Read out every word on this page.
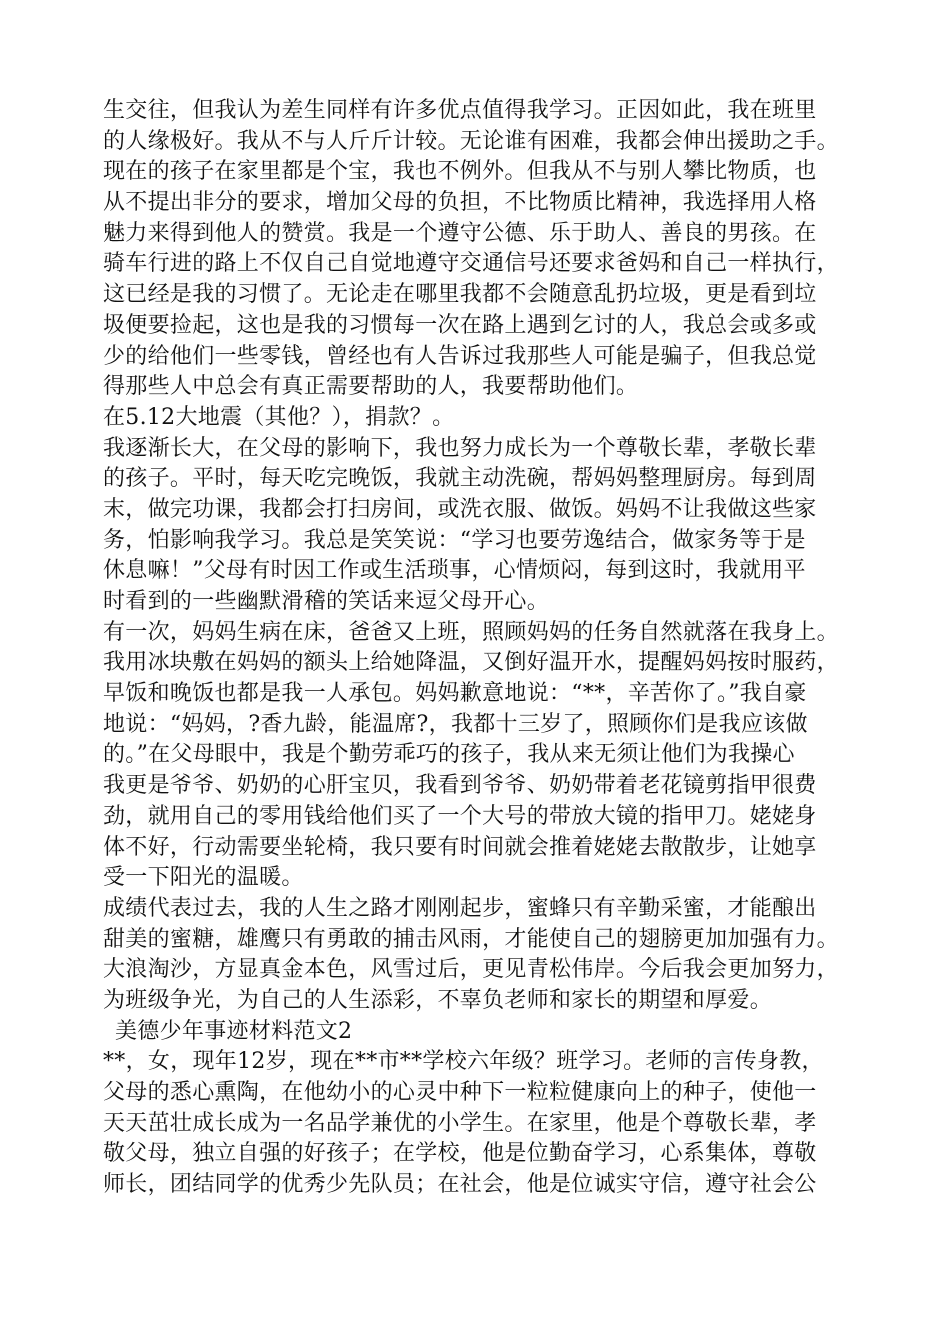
生交往，但我认为差生同样有许多优点值得我学习。正因如此，我在班里
的人缘极好。我从不与人斤斤计较。无论谁有困难，我都会伸出援助之手。
现在的孩子在家里都是个宝，我也不例外。但我从不与别人攀比物质，也
从不提出非分的要求，增加父母的负担，不比物质比精神，我选择用人格
魅力来得到他人的赞赏。我是一个遵守公德、乐于助人、善良的男孩。在
骑车行进的路上不仅自己自觉地遵守交通信号还要求爸妈和自己一样执行，
这已经是我的习惯了。无论走在哪里我都不会随意乱扔垃圾，更是看到垃
圾便要捡起，这也是我的习惯每一次在路上遇到乞讨的人，我总会或多或
少的给他们一些零钱，曾经也有人告诉过我那些人可能是骗子，但我总觉
得那些人中总会有真正需要帮助的人，我要帮助他们。
在5.12大地震（其他？），捐款？。
我逐渐长大，在父母的影响下，我也努力成长为一个尊敬长辈，孝敬长辈
的孩子。平时，每天吃完晚饭，我就主动洗碗，帮妈妈整理厨房。每到周
末，做完功课，我都会打扫房间，或洗衣服、做饭。妈妈不让我做这些家
务，怕影响我学习。我总是笑笑说：“学习也要劳逸结合，做家务等于是
休息嘛！”父母有时因工作或生活琐事，心情烦闷，每到这时，我就用平
时看到的一些幽默滑稽的笑话来逗父母开心。
有一次，妈妈生病在床，爸爸又上班，照顾妈妈的任务自然就落在我身上。
我用冰块敷在妈妈的额头上给她降温，又倒好温开水，提醒妈妈按时服药，
早饭和晚饭也都是我一人承包。妈妈歉意地说：“**，辛苦你了。”我自豪
地说：“妈妈，?香九龄，能温席?，我都十三岁了，照顾你们是我应该做
的。”在父母眼中，我是个勤劳乖巧的孩子，我从来无须让他们为我操心
我更是爷爷、奶奶的心肝宝贝，我看到爷爷、奶奶带着老花镜剪指甲很费
劲，就用自己的零用钱给他们买了一个大号的带放大镜的指甲刀。姥姥身
体不好，行动需要坐轮椅，我只要有时间就会推着姥姥去散散步，让她享
受一下阳光的温暖。
成绩代表过去，我的人生之路才刚刚起步，蜜蜂只有辛勤采蜜，才能酿出
甜美的蜜糖，雄鹰只有勇敢的捕击风雨，才能使自己的翅膀更加加强有力。
大浪淘沙，方显真金本色，风雪过后，更见青松伟岸。今后我会更加努力，
为班级争光，为自己的人生添彩，不辜负老师和家长的期望和厚爱。
美德少年事迹材料范文2
**，女，现年12岁，现在**市**学校六年级？班学习。老师的言传身教，
父母的悉心熏陶，在他幼小的心灵中种下一粒粒健康向上的种子，使他一
天天茁壮成长成为一名品学兼优的小学生。在家里，他是个尊敬长辈，孝
敬父母，独立自强的好孩子；在学校，他是位勤奋学习，心系集体，尊敬
师长，团结同学的优秀少先队员；在社会，他是位诚实守信，遵守社会公
